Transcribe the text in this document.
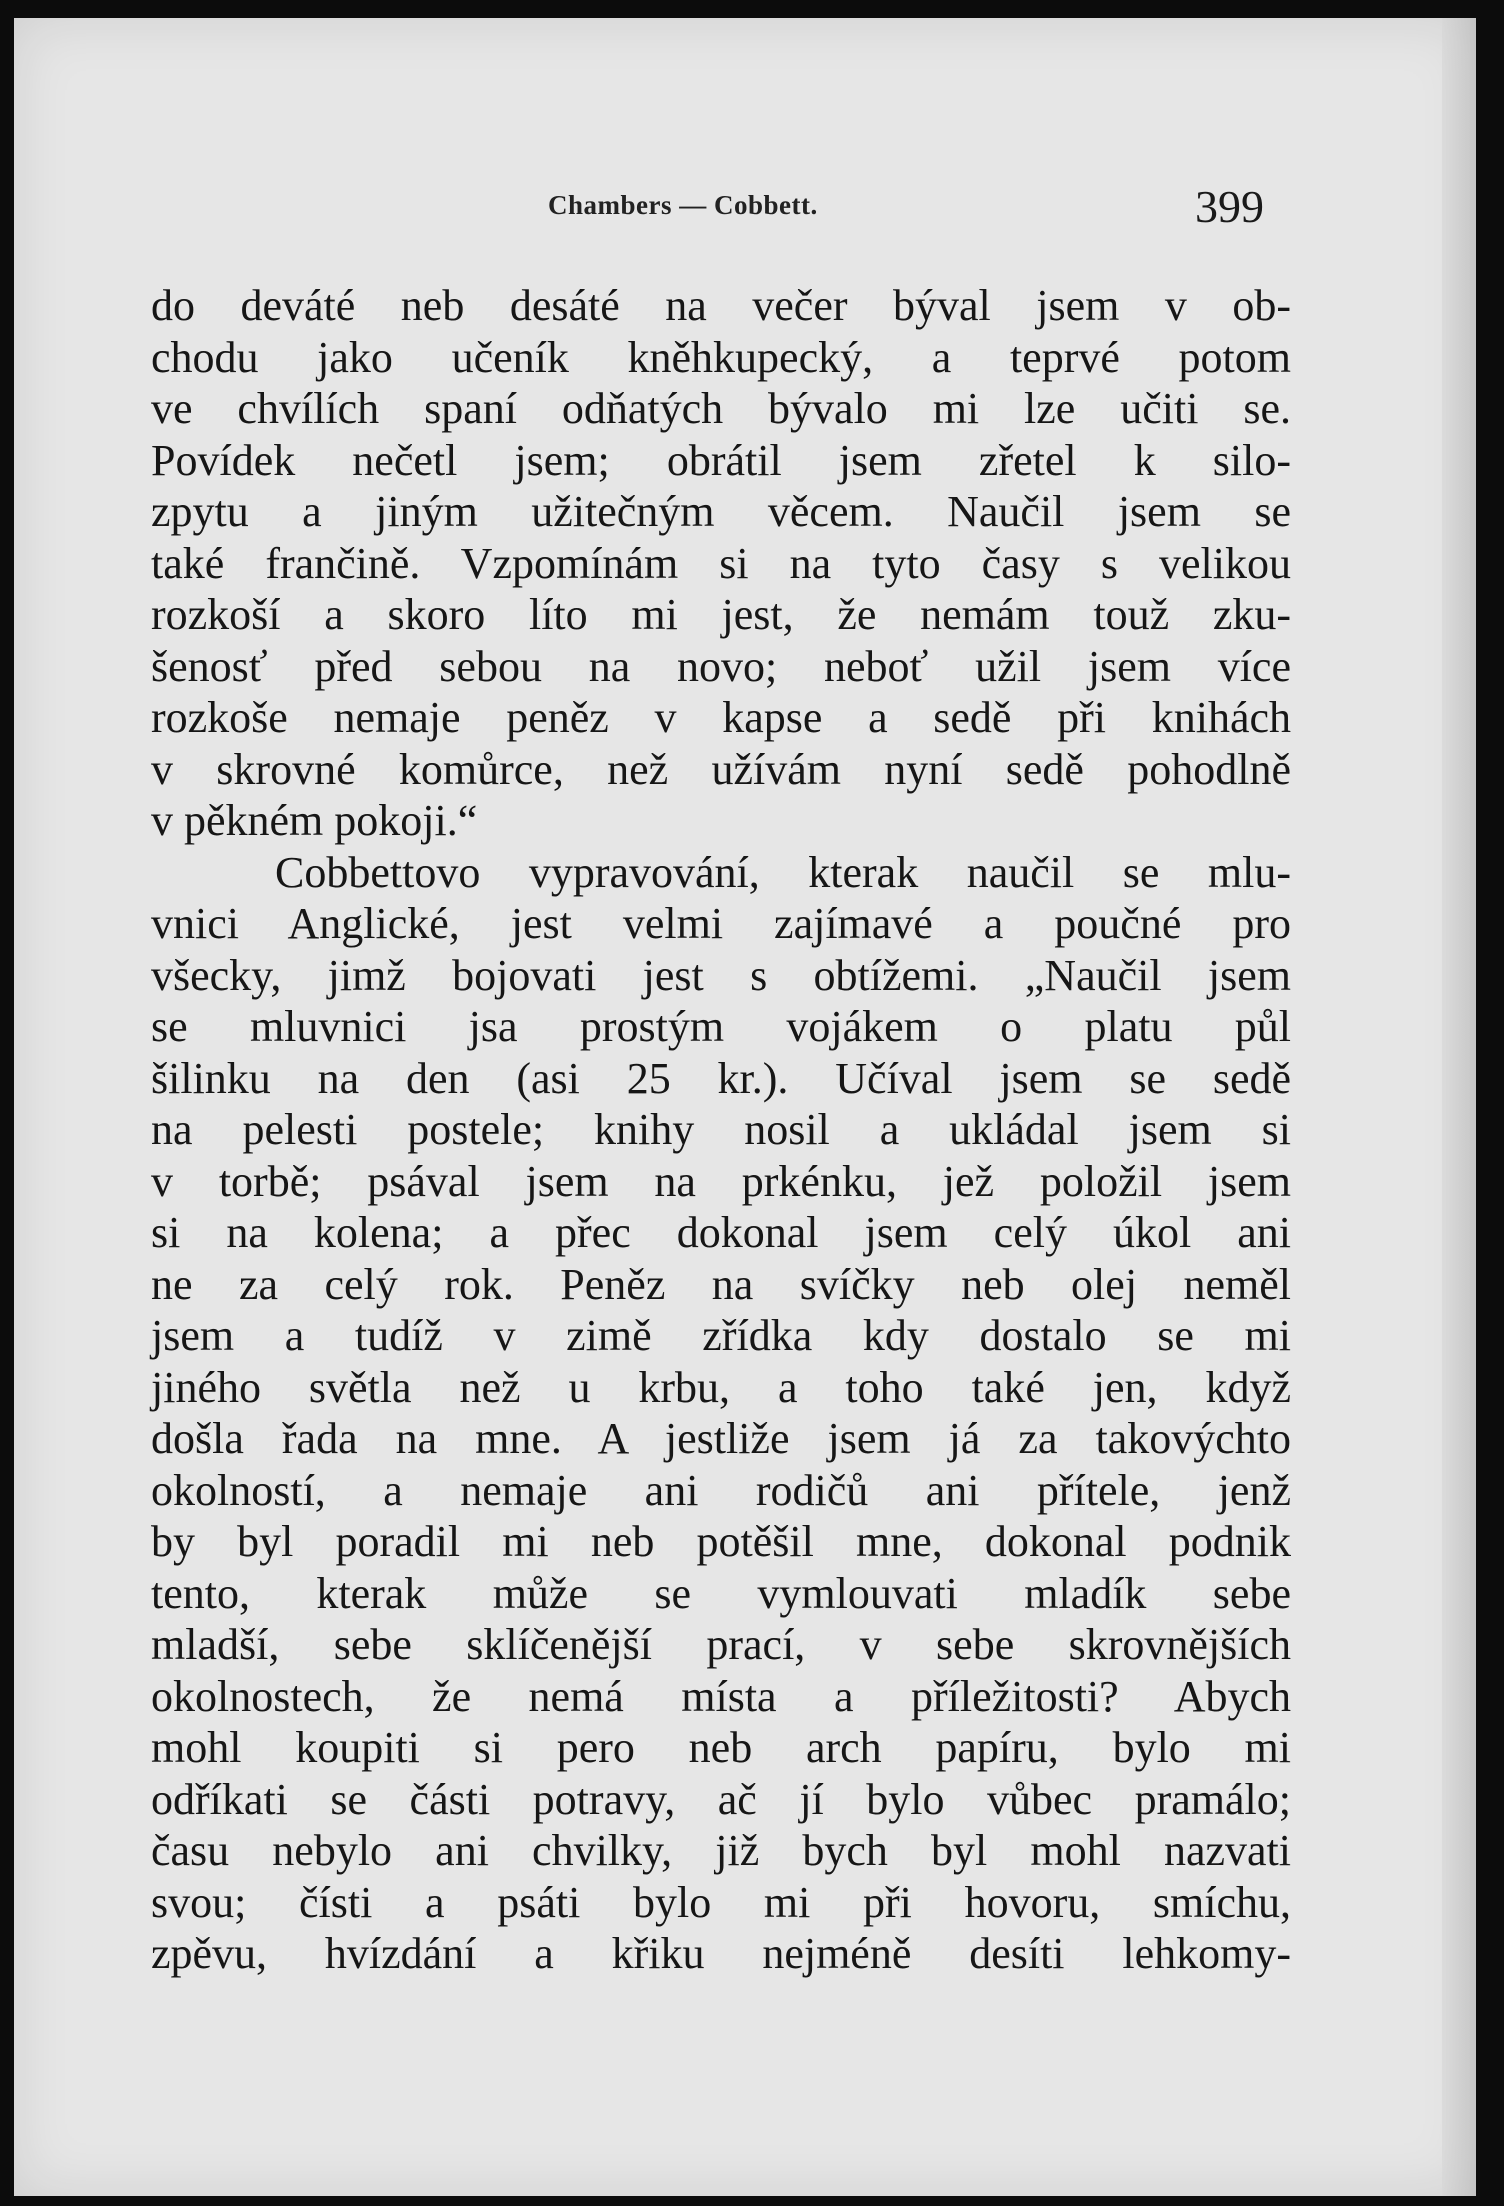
Chambers — Cobbett.	399
do deváté neb desáté na večer býval jsem v ob-
chodu jako učeník kněhkupecký, a teprvé potom
ve chvílích spaní odňatých bývalo mi lze učiti se.
Povídek nečetl jsem; obrátil jsem zřetel k silo-
zpytu a jiným užitečným věcem. Naučil jsem se
také frančině. Vzpomínám si na tyto časy s velikou
rozkoší a skoro líto mi jest, že nemám touž zku-
šenosť před sebou na novo; neboť užil jsem více
rozkoše nemaje peněz v kapse a sedě při knihách
v skrovné komůrce, než užívám nyní sedě pohodlně
v pěkném pokoji.“
Cobbettovo vypravování, kterak naučil se mlu-
vnici Anglické, jest velmi zajímavé a poučné pro
všecky, jimž bojovati jest s obtížemi. „Naučil jsem
se mluvnici jsa prostým vojákem o platu půl
šilinku na den (asi 25 kr.). Učíval jsem se sedě
na pelesti postele; knihy nosil a ukládal jsem si
v torbě; psával jsem na prkénku, jež položil jsem
si na kolena; a přec dokonal jsem celý úkol ani
ne za celý rok. Peněz na svíčky neb olej neměl
jsem a tudíž v zimě zřídka kdy dostalo se mi
jiného světla než u krbu, a toho také jen, když
došla řada na mne. A jestliže jsem já za takovýchto
okolností, a nemaje ani rodičů ani přítele, jenž
by byl poradil mi neb potěšil mne, dokonal podnik
tento, kterak může se vymlouvati mladík sebe
mladší, sebe sklíčenější prací, v sebe skrovnějších
okolnostech, že nemá místa a příležitosti? Abych
mohl koupiti si pero neb arch papíru, bylo mi
odříkati se části potravy, ač jí bylo vůbec pramálo;
času nebylo ani chvilky, již bych byl mohl nazvati
svou; čísti a psáti bylo mi při hovoru, smíchu,
zpěvu, hvízdání a křiku nejméně desíti lehkomy-
